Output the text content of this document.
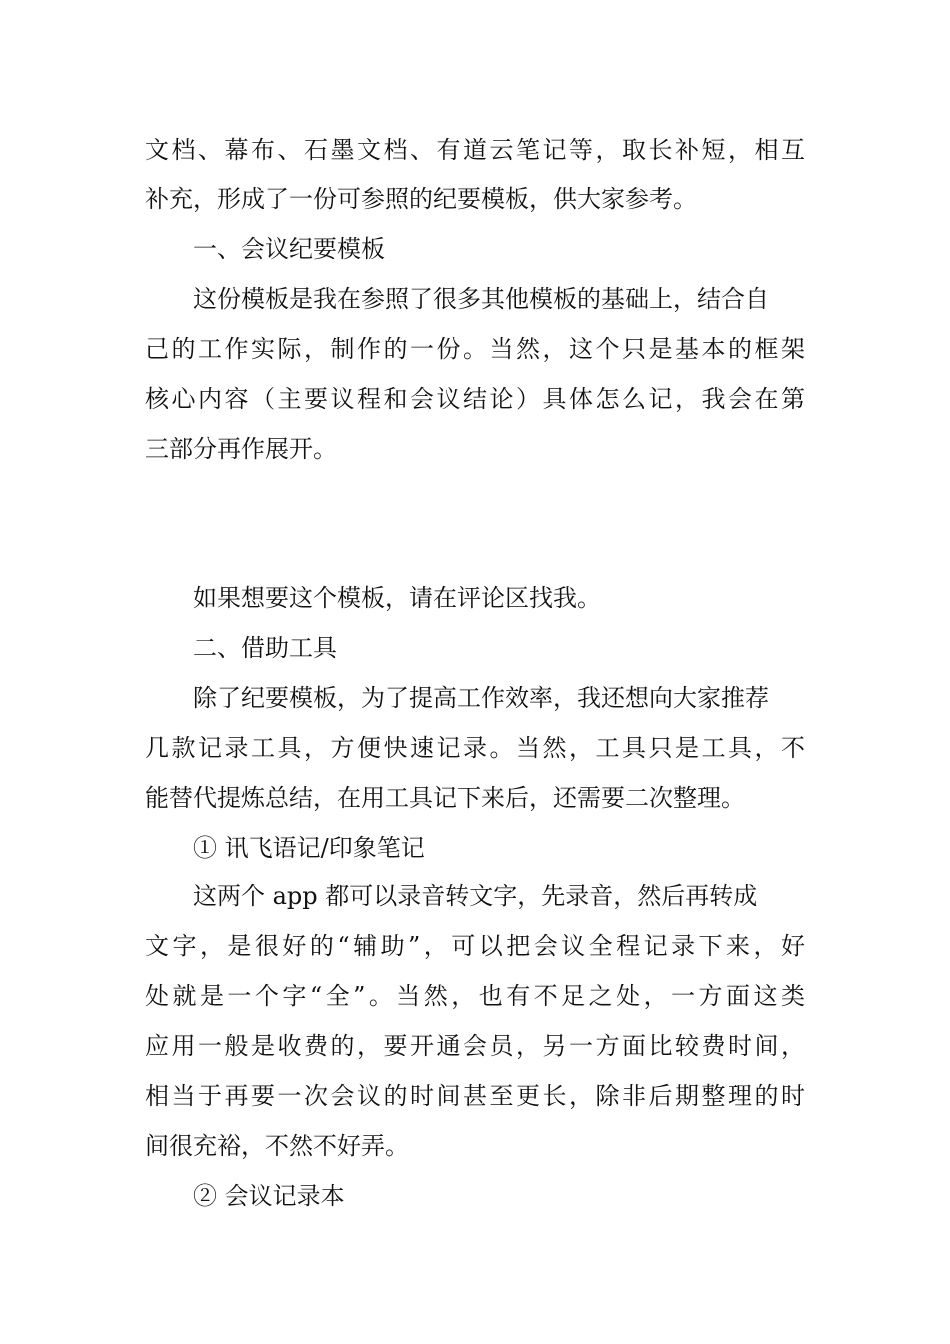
文档、幕布、石墨文档、有道云笔记等，取长补短，相互
补充，形成了一份可参照的纪要模板，供大家参考。
一、会议纪要模板
这份模板是我在参照了很多其他模板的基础上，结合自
己的工作实际，制作的一份。当然，这个只是基本的框架
核心内容（主要议程和会议结论）具体怎么记，我会在第
三部分再作展开。
如果想要这个模板，请在评论区找我。
二、借助工具
除了纪要模板，为了提高工作效率，我还想向大家推荐
几款记录工具，方便快速记录。当然，工具只是工具，不
能替代提炼总结，在用工具记下来后，还需要二次整理。
① 讯飞语记/印象笔记
这两个 app 都可以录音转文字，先录音，然后再转成
文字，是很好的“辅助”，可以把会议全程记录下来，好
处就是一个字“全”。当然，也有不足之处，一方面这类
应用一般是收费的，要开通会员，另一方面比较费时间，
相当于再要一次会议的时间甚至更长，除非后期整理的时
间很充裕，不然不好弄。
② 会议记录本
